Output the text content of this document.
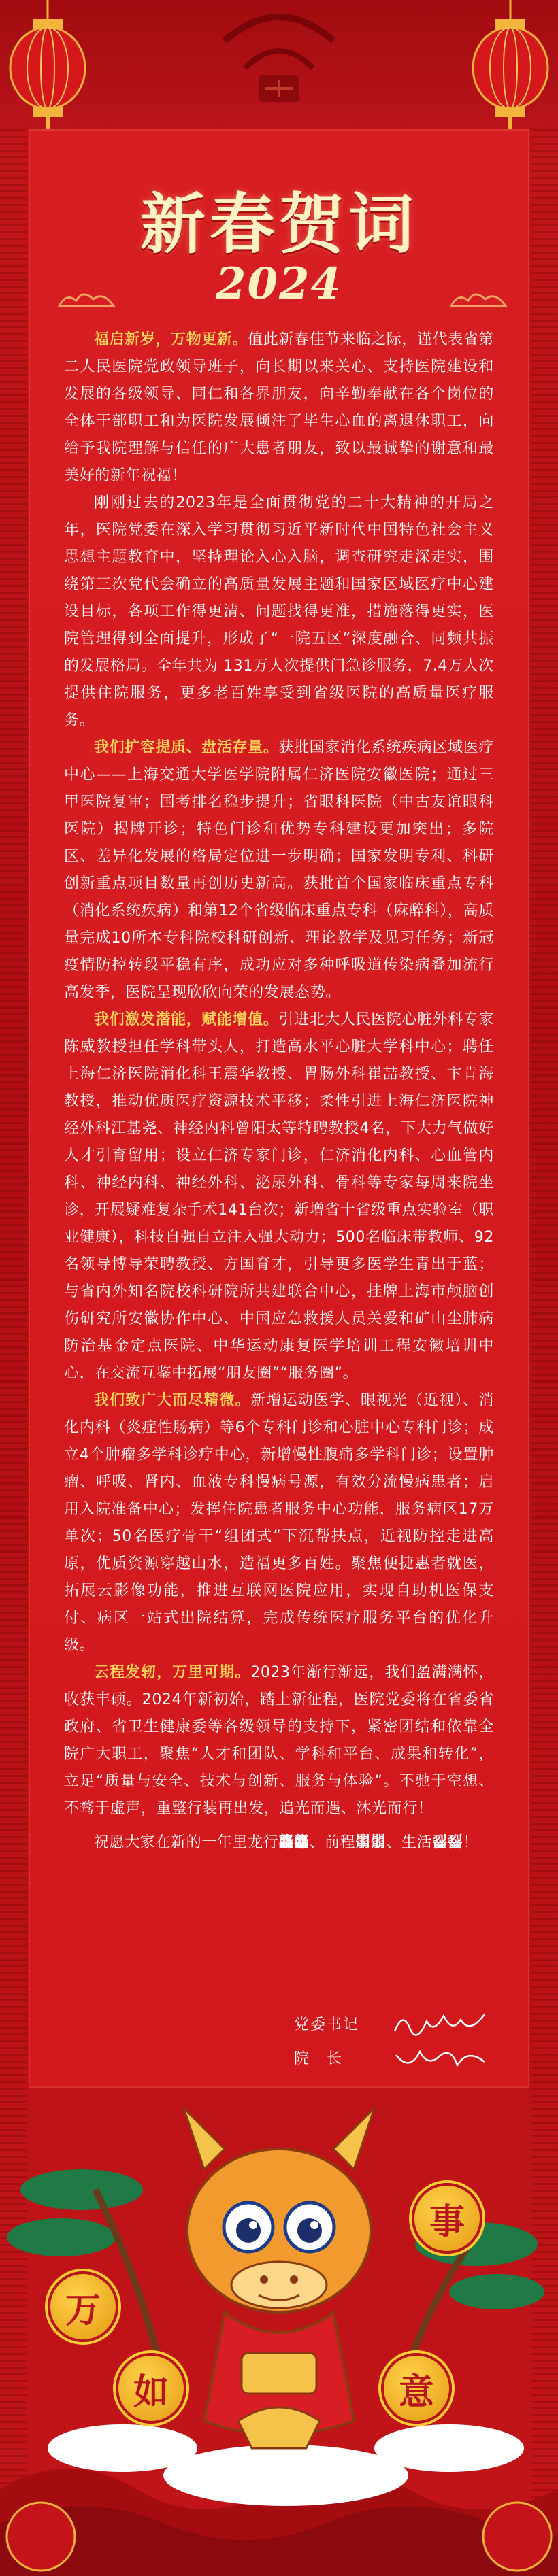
新春贺词
2024

福启新岁，万物更新。值此新春佳节来临之际，谨代表省第二人民医院党政领导班子，向长期以来关心、支持医院建设和发展的各级领导、同仁和各界朋友，向辛勤奉献在各个岗位的全体干部职工和为医院发展倾注了毕生心血的离退休职工，向给予我院理解与信任的广大患者朋友，致以最诚挚的谢意和最美好的新年祝福！

刚刚过去的2023年是全面贯彻党的二十大精神的开局之年，医院党委在深入学习贯彻习近平新时代中国特色社会主义思想主题教育中，坚持理论入心入脑，调查研究走深走实，围绕第三次党代会确立的高质量发展主题和国家区域医疗中心建设目标，各项工作得更清、问题找得更准，措施落得更实，医院管理得到全面提升，形成了“一院五区”深度融合、同频共振的发展格局。全年共为 131万人次提供门急诊服务，7.4万人次提供住院服务，更多老百姓享受到省级医院的高质量医疗服务。

我们扩容提质、盘活存量。获批国家消化系统疾病区域医疗中心——上海交通大学医学院附属仁济医院安徽医院；通过三甲医院复审；国考排名稳步提升；省眼科医院（中古友谊眼科医院）揭牌开诊；特色门诊和优势专科建设更加突出；多院区、差异化发展的格局定位进一步明确；国家发明专利、科研创新重点项目数量再创历史新高。获批首个国家临床重点专科（消化系统疾病）和第12个省级临床重点专科（麻醉科），高质量完成10所本专科院校科研创新、理论教学及见习任务；新冠疫情防控转段平稳有序，成功应对多种呼吸道传染病叠加流行高发季，医院呈现欣欣向荣的发展态势。

我们激发潜能，赋能增值。引进北大人民医院心脏外科专家陈威教授担任学科带头人，打造高水平心脏大学科中心；聘任上海仁济医院消化科王震华教授、胃肠外科崔喆教授、卞肯海教授，推动优质医疗资源技术平移；柔性引进上海仁济医院神经外科江基尧、神经内科曾阳太等特聘教授4名，下大力气做好人才引育留用；设立仁济专家门诊，仁济消化内科、心血管内科、神经内科、神经外科、泌尿外科、骨科等专家每周来院坐诊，开展疑难复杂手术141台次；新增省十省级重点实验室（职业健康），科技自强自立注入强大动力；500名临床带教师、92名领导博导荣聘教授、方国育才，引导更多医学生青出于蓝；与省内外知名院校科研院所共建联合中心，挂牌上海市颅脑创伤研究所安徽协作中心、中国应急救援人员关爱和矿山尘肺病防治基金定点医院、中华运动康复医学培训工程安徽培训中心，在交流互鉴中拓展“朋友圈”“服务圈”。

我们致广大而尽精微。新增运动医学、眼视光（近视）、消化内科（炎症性肠病）等6个专科门诊和心脏中心专科门诊；成立4个肿瘤多学科诊疗中心，新增慢性腹痛多学科门诊；设置肿瘤、呼吸、肾内、血液专科慢病号源，有效分流慢病患者；启用入院准备中心；发挥住院患者服务中心功能，服务病区17万单次；50名医疗骨干“组团式”下沉帮扶点，近视防控走进高原，优质资源穿越山水，造福更多百姓。聚焦便捷惠者就医，拓展云影像功能，推进互联网医院应用，实现自助机医保支付、病区一站式出院结算，完成传统医疗服务平台的优化升级。

云程发轫，万里可期。2023年渐行渐远，我们盈满满怀，收获丰硕。2024年新初始，踏上新征程，医院党委将在省委省政府、省卫生健康委等各级领导的支持下，紧密团结和依靠全院广大职工，聚焦“人才和团队、学科和平台、成果和转化”，立足“质量与安全、技术与创新、服务与体验”。不驰于空想、不骛于虚声，重整行装再出发，追光而遇、沐光而行！

祝愿大家在新的一年里龙行龘龘、前程朤朤、生活䶛䶛！

党委书记
院　长
万
事
如	意
